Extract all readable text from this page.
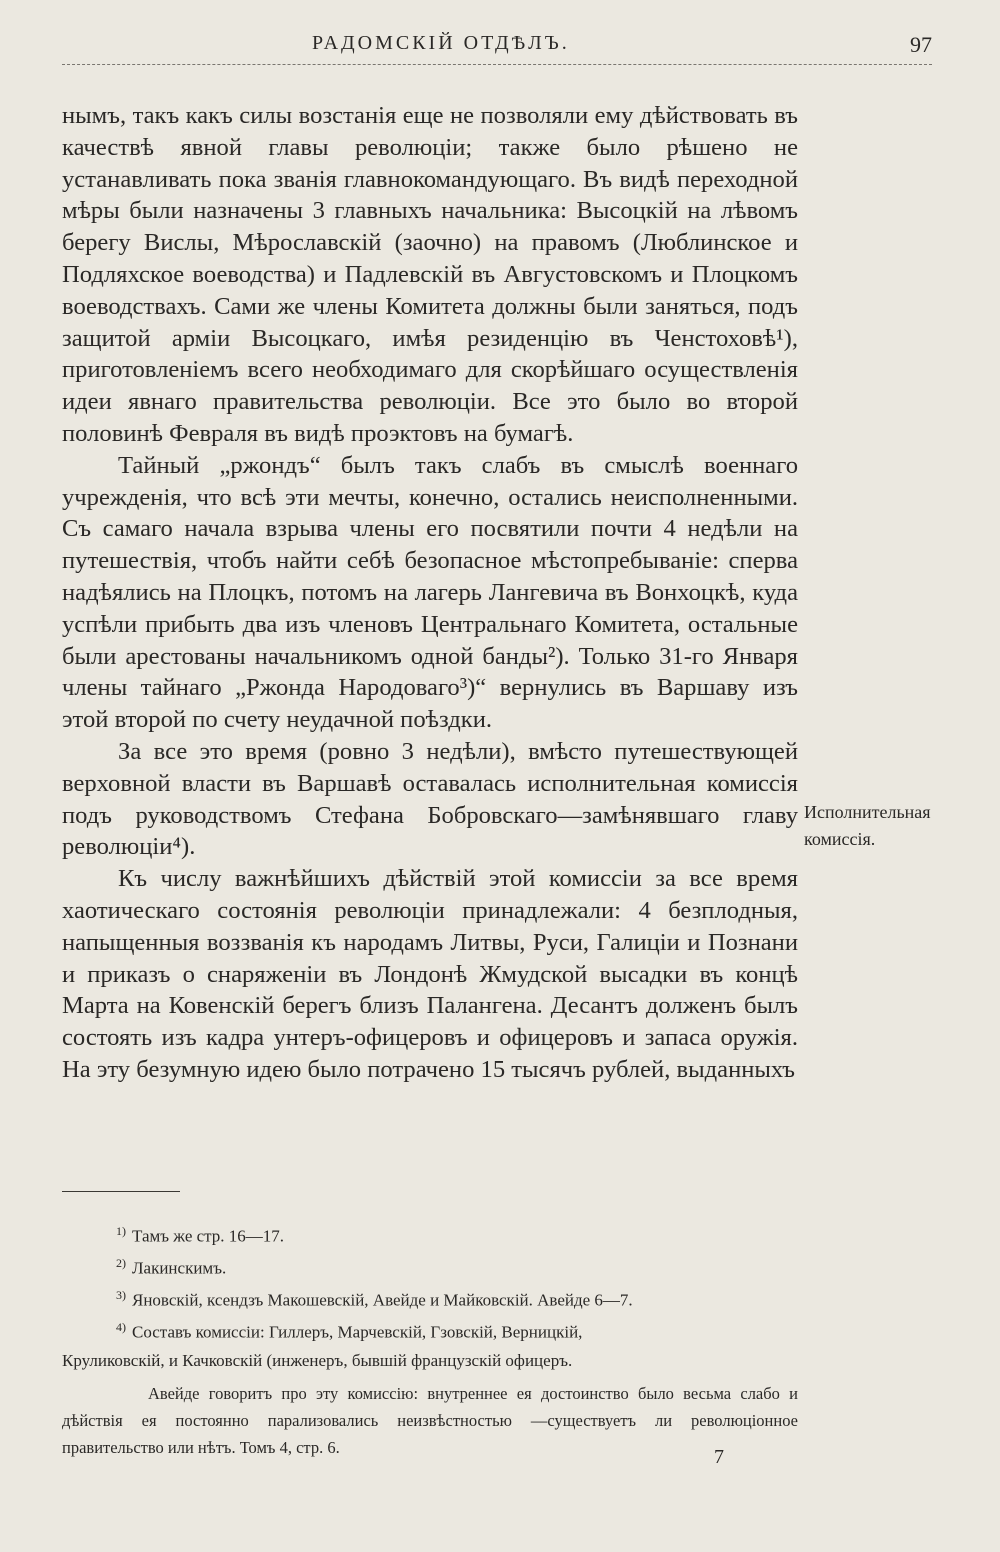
РАДОМСКІЙ ОТДѢЛЪ.	97

нымъ, такъ какъ силы возстанія еще не позволяли ему дѣйствовать въ качествѣ явной главы революціи; также было рѣшено не устанавливать пока званія главнокомандующаго. Въ видѣ переходной мѣры были назначены 3 главныхъ начальника: Высоцкій на лѣвомъ берегу Вислы, Мѣрославскій (заочно) на правомъ (Люблинское и Подляхское воеводства) и Падлевскій въ Августовскомъ и Плоцкомъ воеводствахъ. Сами же члены Комитета должны были заняться, подъ защитой арміи Высоцкаго, имѣя резиденцію въ Ченстоховѣ¹), приготовленіемъ всего необходимаго для скорѣйшаго осуществленія идеи явнаго правительства революціи. Все это было во второй половинѣ Февраля въ видѣ проэктовъ на бумагѣ.

Тайный „ржондъ“ былъ такъ слабъ въ смыслѣ военнаго учрежденія, что всѣ эти мечты, конечно, остались неисполненными. Съ самаго начала взрыва члены его посвятили почти 4 недѣли на путешествія, чтобъ найти себѣ безопасное мѣстопребываніе: сперва надѣялись на Плоцкъ, потомъ на лагерь Лангевича въ Вонхоцкѣ, куда успѣли прибыть два изъ членовъ Центральнаго Комитета, остальные были арестованы начальникомъ одной банды²). Только 31-го Января члены тайнаго „Ржонда Народоваго³)“ вернулись въ Варшаву изъ этой второй по счету неудачной поѣздки.

За все это время (ровно 3 недѣли), вмѣсто путешествующей верховной власти въ Варшавѣ оставалась исполнительная комиссія подъ руководствомъ Стефана Бобровскаго—замѣнявшаго главу революціи⁴).

Къ числу важнѣйшихъ дѣйствій этой комиссіи за все время хаотическаго состоянія революціи принадлежали: 4 безплодныя, напыщенныя воззванія къ народамъ Литвы, Руси, Галиціи и Познани и приказъ о снаряженіи въ Лондонѣ Жмудской высадки въ концѣ Марта на Ковенскій берегъ близъ Палангена. Десантъ долженъ былъ состоять изъ кадра унтеръ-офицеровъ и офицеровъ и запаса оружія. На эту безумную идею было потрачено 15 тысячъ рублей, выданныхъ

Исполнительная комиссія.

$^{1)}$ Тамъ же стр. 16—17.

$^{2)}$ Лакинскимъ.

$^{3)}$ Яновскій, ксендзъ Макошевскій, Авейде и Майковскій. Авейде 6—7.

$^{4)}$ Составъ комиссіи: Гиллеръ, Марчевскій, Гзовскій, Верницкій,

Круликовскій, и Качковскій (инженеръ, бывшій французскій офицеръ.

Авейде говоритъ про эту комиссію: внутреннее ея достоинство было весьма слабо и дѣйствія ея постоянно парализовались неизвѣстностью —существуетъ ли революціонное правительство или нѣтъ. Томъ 4, стр. 6.	7
